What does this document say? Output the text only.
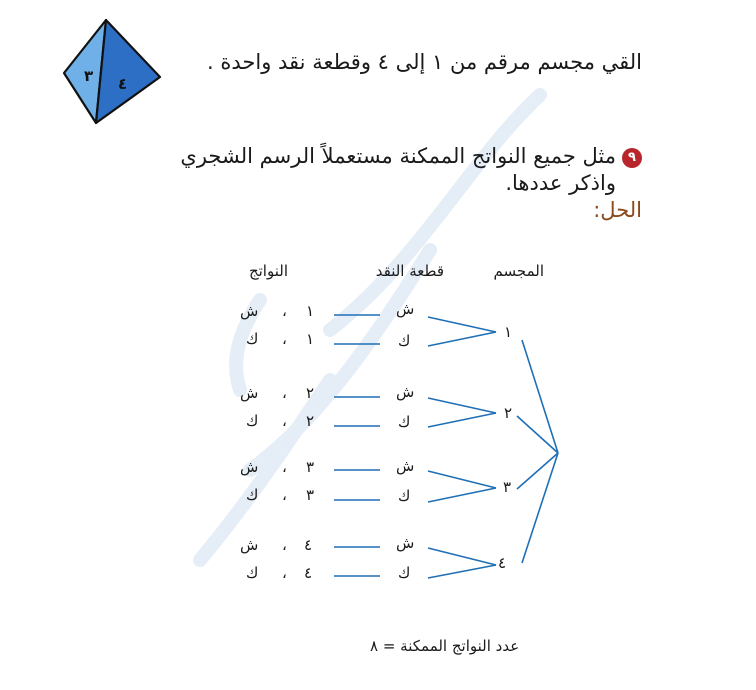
٣ ٤
القي مجسم مرقم من ١ إلى ٤ وقطعة نقد واحدة .
٩مثل جميع النواتج الممكنة مستعملاً الرسم الشجري
واذكر عددها.
الحل:
المجسم
قطعة النقد
النواتج
١
٢
٣
٤
ش
ك
ش
ك
ش
ك
ش
ك
ش ، ١
ك ، ١
ش ، ٢
ك ، ٢
ش ، ٣
ك ، ٣
ش ، ٤
ك ، ٤
عدد النواتج الممكنة = ٨
